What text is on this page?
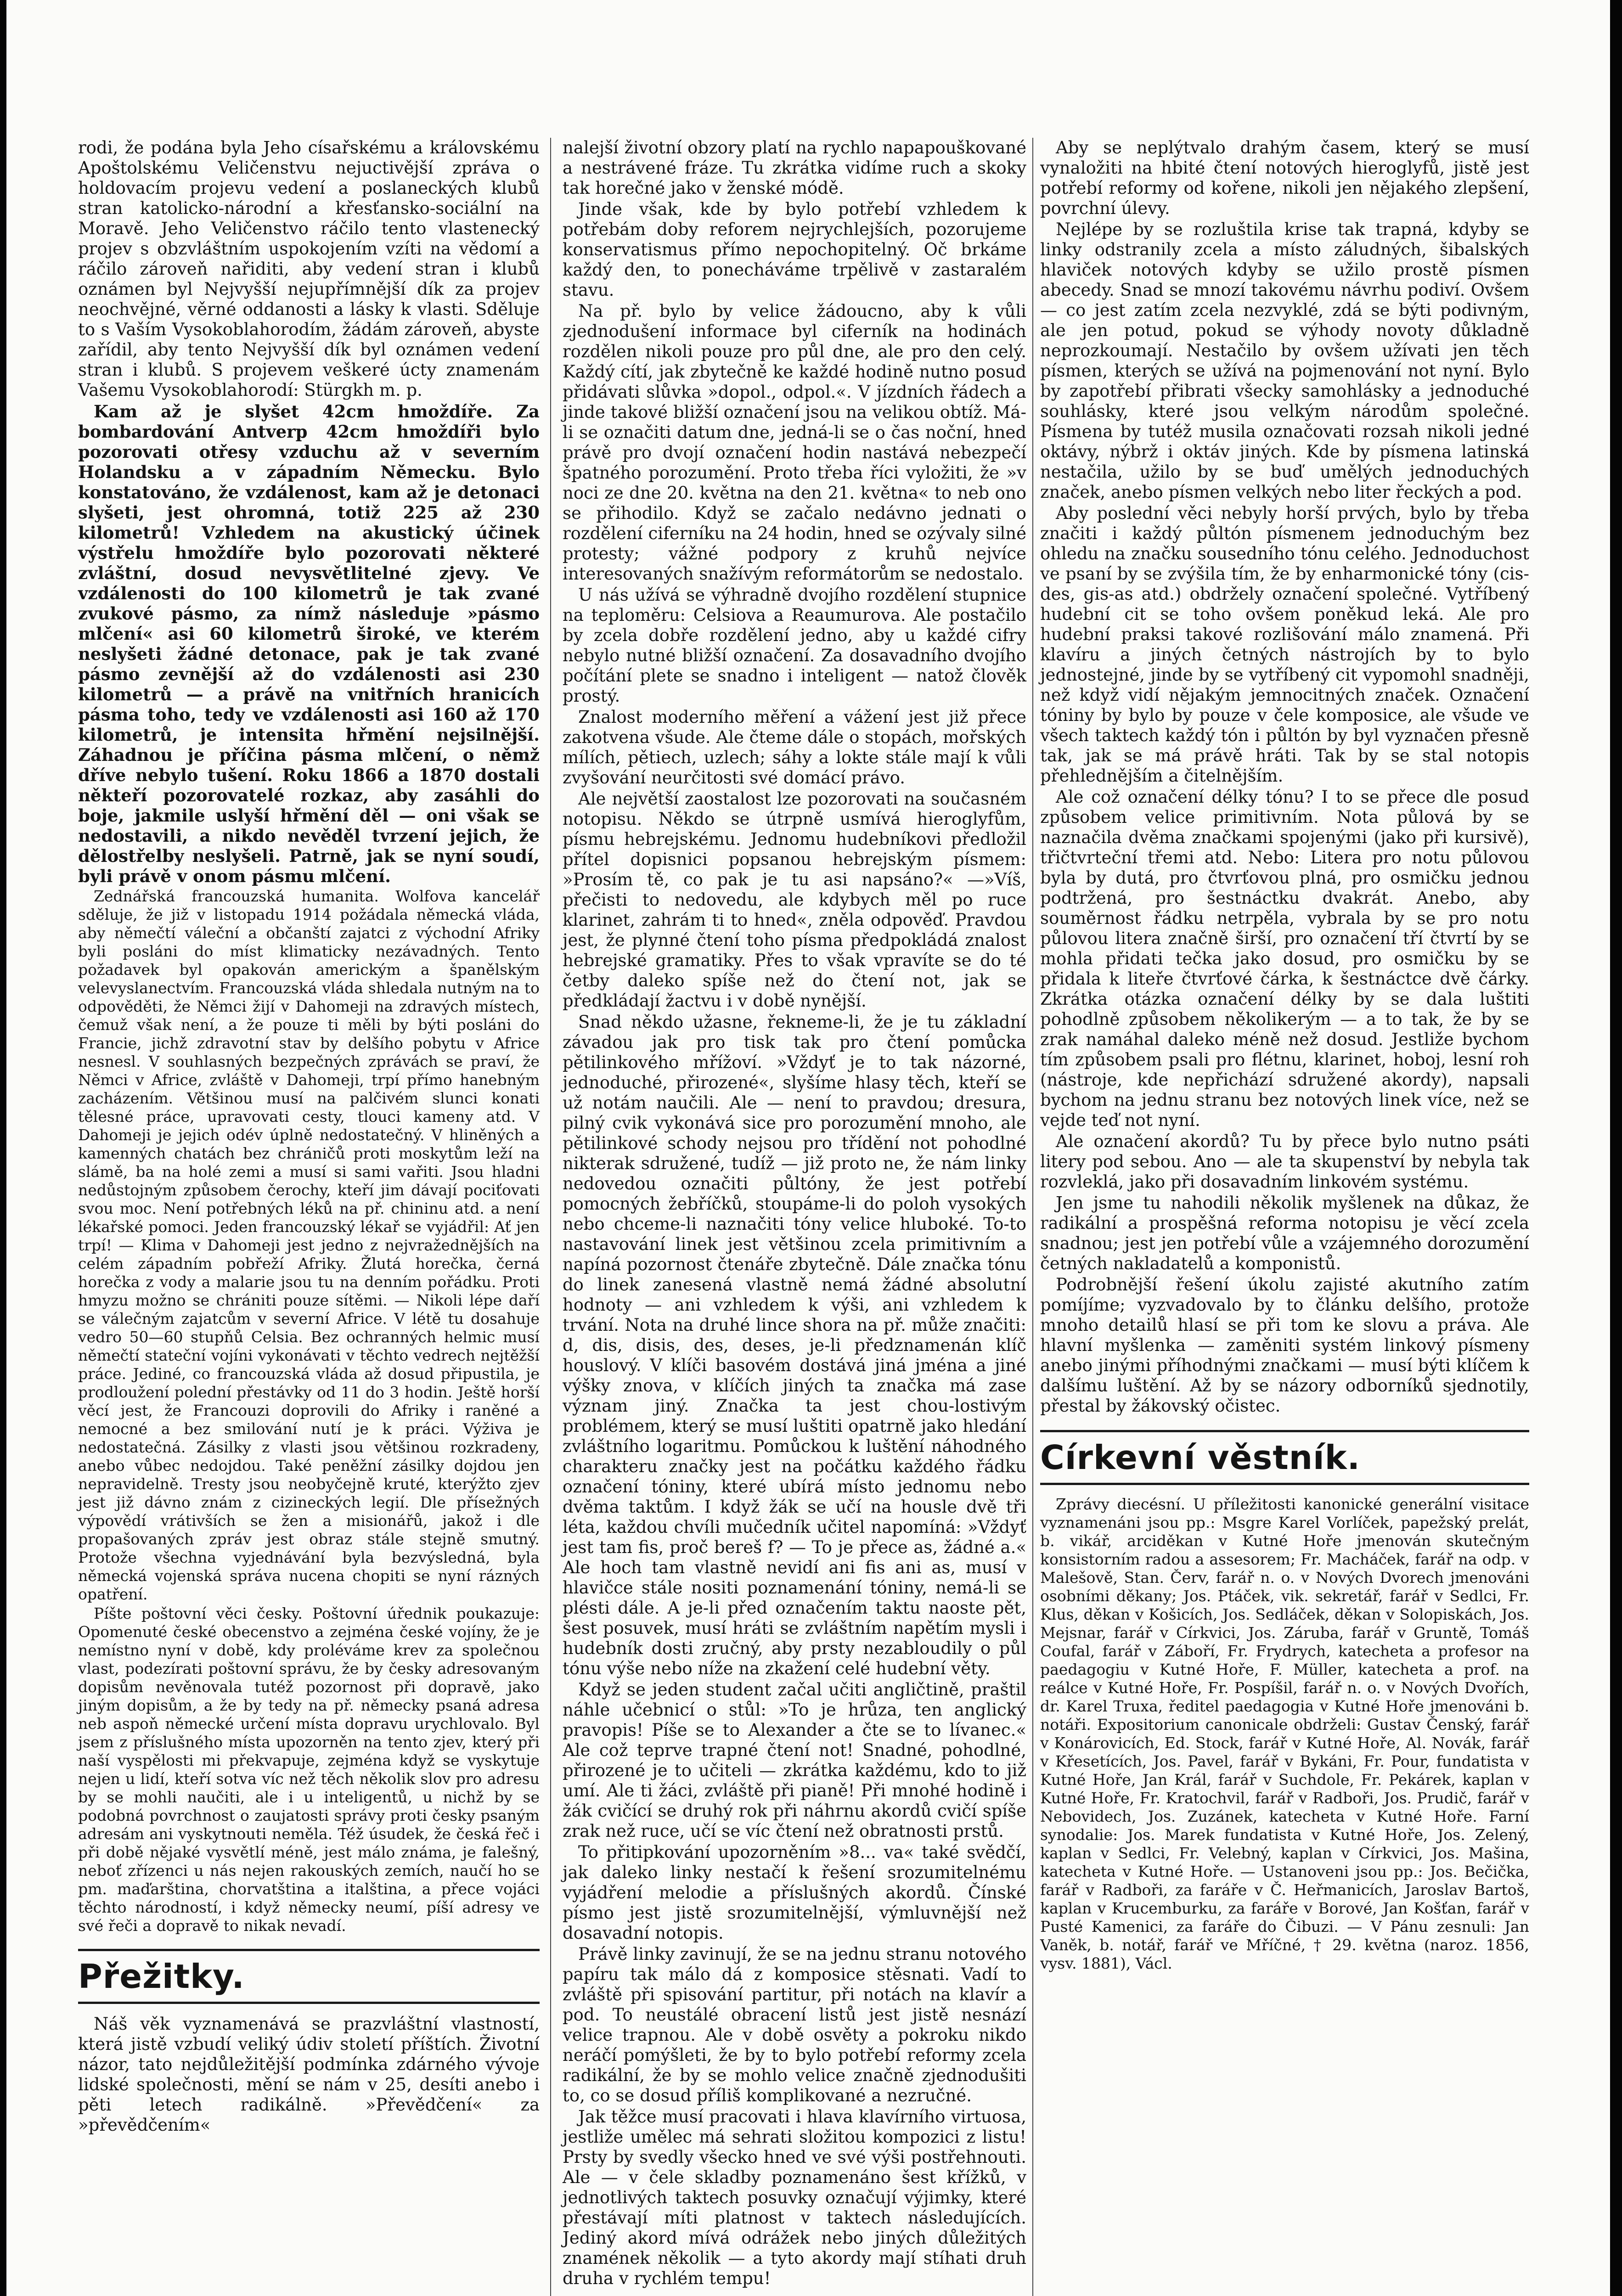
rodi, že podána byla Jeho císařskému a královskému Apoštolskému Veličenstvu nejuctivější zpráva o holdovacím projevu vedení a poslaneckých klubů stran katolicko-národní a křesťansko-sociální na Moravě. Jeho Veličenstvo ráčilo tento vlastenecký projev s obzvláštním uspokojením vzíti na vědomí a ráčilo zároveň nařiditi, aby vedení stran i klubů oznámen byl Nejvyšší nejupřímnější dík za projev neochvějné, věrné oddanosti a lásky k vlasti. Sděluje to s Vaším Vysokoblahorodím, žádám zároveň, abyste zařídil, aby tento Nejvyšší dík byl oznámen vedení stran i klubů. S projevem veškeré úcty znamenám Vašemu Vysokoblahorodí: Stürgkh m. p.

Kam až je slyšet 42cm hmoždíře. Za bombardování Antverp 42cm hmoždíři bylo pozorovati otřesy vzduchu až v severním Holandsku a v západním Německu. Bylo konstatováno, že vzdálenost, kam až je detonaci slyšeti, jest ohromná, totiž 225 až 230 kilometrů! Vzhledem na akustický účinek výstřelu hmoždíře bylo pozorovati některé zvláštní, dosud nevysvětlitelné zjevy. Ve vzdálenosti do 100 kilometrů je tak zvané zvukové pásmo, za nímž následuje »pásmo mlčení« asi 60 kilometrů široké, ve kterém neslyšeti žádné detonace, pak je tak zvané pásmo zevnější až do vzdálenosti asi 230 kilometrů — a právě na vnitřních hranicích pásma toho, tedy ve vzdálenosti asi 160 až 170 kilometrů, je intensita hřmění nejsilnější. Záhadnou je příčina pásma mlčení, o němž dříve nebylo tušení. Roku 1866 a 1870 dostali někteří pozorovatelé rozkaz, aby zasáhli do boje, jakmile uslyší hřmění děl — oni však se nedostavili, a nikdo nevěděl tvrzení jejich, že dělostřelby neslyšeli. Patrně, jak se nyní soudí, byli právě v onom pásmu mlčení.

Zednářská francouzská humanita. Wolfova kancelář sděluje, že již v listopadu 1914 požádala německá vláda, aby němečtí váleční a občanští zajatci z východní Afriky byli posláni do míst klimaticky nezávadných. Tento požadavek byl opakován americkým a španělským velevyslanectvím. Francouzská vláda shledala nutným na to odpověděti, že Němci žijí v Dahomeji na zdravých místech, čemuž však není, a že pouze ti měli by býti posláni do Francie, jichž zdravotní stav by delšího pobytu v Africe nesnesl. V souhlasných bezpečných zprávách se praví, že Němci v Africe, zvláště v Dahomeji, trpí přímo hanebným zacházením. Většinou musí na palčivém slunci konati tělesné práce, upravovati cesty, tlouci kameny atd. V Dahomeji je jejich odév úplně nedostatečný. V hliněných a kamenných chatách bez chráničů proti moskytům leží na slámě, ba na holé zemi a musí si sami vařiti. Jsou hladni nedůstojným způsobem čerochy, kteří jim dávají pociťovati svou moc. Není potřebných léků na př. chininu atd. a není lékařské pomoci. Jeden francouzský lékař se vyjádřil: Ať jen trpí! — Klima v Dahomeji jest jedno z nejvražednějších na celém západním pobřeží Afriky. Žlutá horečka, černá horečka z vody a malarie jsou tu na denním pořádku. Proti hmyzu možno se chrániti pouze sítěmi. — Nikoli lépe daří se válečným zajatcům v severní Africe. V létě tu dosahuje vedro 50—60 stupňů Celsia. Bez ochranných helmic musí němečtí stateční vojíni vykonávati v těchto vedrech nejtěžší práce. Jediné, co francouzská vláda až dosud připustila, je prodloužení polední přestávky od 11 do 3 hodin. Ještě horší věcí jest, že Francouzi doprovili do Afriky i raněné a nemocné a bez smilování nutí je k práci. Výživa je nedostatečná. Zásilky z vlasti jsou většinou rozkradeny, anebo vůbec nedojdou. Také peněžní zásilky dojdou jen nepravidelně. Tresty jsou neobyčejně kruté, kterýžto zjev jest již dávno znám z cizineckých legií. Dle přísežných výpovědí vrátivších se žen a misionářů, jakož i dle propašovaných zpráv jest obraz stále stejně smutný. Protože všechna vyjednávání byla bezvýsledná, byla německá vojenská správa nucena chopiti se nyní rázných opatření.

Píšte poštovní věci česky. Poštovní úřednik poukazuje: Opomenuté české obecenstvo a zejména české vojíny, že je nemístno nyní v době, kdy proléváme krev za společnou vlast, podezírati poštovní správu, že by česky adresovaným dopisům nevěnovala tutéž pozornost při dopravě, jako jiným dopisům, a že by tedy na př. německy psaná adresa neb aspoň německé určení místa dopravu urychlovalo. Byl jsem z příslušného místa upozorněn na tento zjev, který při naší vyspělosti mi překvapuje, zejména když se vyskytuje nejen u lidí, kteří sotva víc než těch několik slov pro adresu by se mohli naučiti, ale i u inteligentů, u nichž by se podobná povrchnost o zaujatosti správy proti česky psaným adresám ani vyskytnouti neměla. Též úsudek, že česká řeč i při době nějaké vysvětlí méně, jest málo známa, je falešný, neboť zřízenci u nás nejen rakouských zemích, naučí ho se pm. maďarština, chorvatština a italština, a přece vojáci těchto národností, i když německy neumí, píší adresy ve své řeči a dopravě to nikak nevadí.

Přežitky.

Náš věk vyznamenává se prazvláštní vlastností, která jistě vzbudí veliký údiv století příštích. Životní názor, tato nejdůležitější podmínka zdárného vývoje lidské společnosti, mění se nám v 25, desíti anebo i pěti letech radikálně. »Převědčení« za »převědčením«

nalejší životní obzory platí na rychlo napapouškované a nestrávené fráze. Tu zkrátka vidíme ruch a skoky tak horečné jako v ženské módě.

Jinde však, kde by bylo potřebí vzhledem k potřebám doby reforem nejrychlejších, pozorujeme konservatismus přímo nepochopitelný. Oč brkáme každý den, to ponecháváme trpělivě v zastaralém stavu.

Na př. bylo by velice žádoucno, aby k vůli zjednodušení informace byl ciferník na hodinách rozdělen nikoli pouze pro půl dne, ale pro den celý. Každý cítí, jak zbytečně ke každé hodině nutno posud přidávati slůvka »dopol., odpol.«. V jízdních řádech a jinde takové bližší označení jsou na velikou obtíž. Má-li se označiti datum dne, jedná-li se o čas noční, hned právě pro dvojí označení hodin nastává nebezpečí špatného porozumění. Proto třeba říci vyložiti, že »v noci ze dne 20. května na den 21. května« to neb ono se přihodilo. Když se začalo nedávno jednati o rozdělení ciferníku na 24 hodin, hned se ozývaly silné protesty; vážné podpory z kruhů nejvíce interesovaných snažívým reformátorům se nedostalo.

U nás užívá se výhradně dvojího rozdělení stupnice na teploměru: Celsiova a Reaumurova. Ale postačilo by zcela dobře rozdělení jedno, aby u každé cifry nebylo nutné bližší označení. Za dosavadního dvojího počítání plete se snadno i inteligent — natož člověk prostý.

Znalost moderního měření a vážení jest již přece zakotvena všude. Ale čteme dále o stopách, mořských mílích, pětiech, uzlech; sáhy a lokte stále mají k vůli zvyšování neurčitosti své domácí právo.

Ale největší zaostalost lze pozorovati na současném notopisu. Někdo se útrpně usmívá hieroglyfům, písmu hebrejskému. Jednomu hudebníkovi předložil přítel dopisnici popsanou hebrejským písmem: »Prosím tě, co pak je tu asi napsáno?« —»Víš, přečisti to nedovedu, ale kdybych měl po ruce klarinet, zahrám ti to hned«, zněla odpověď. Pravdou jest, že plynné čtení toho písma předpokládá znalost hebrejské gramatiky. Přes to však vpravíte se do té četby daleko spíše než do čtení not, jak se předkládají žactvu i v době nynější.

Snad někdo užasne, řekneme-li, že je tu základní závadou jak pro tisk tak pro čtení pomůcka pětilinkového mřížoví. »Vždyť je to tak názorné, jednoduché, přirozené«, slyšíme hlasy těch, kteří se už notám naučili. Ale — není to pravdou; dresura, pilný cvik vykonává sice pro porozumění mnoho, ale pětilinkové schody nejsou pro třídění not pohodlné nikterak sdružené, tudíž — již proto ne, že nám linky nedovedou označiti půltóny, že jest potřebí pomocných žebříčků, stoupáme-li do poloh vysokých nebo chceme-li naznačiti tóny velice hluboké. To-to nastavování linek jest většinou zcela primitivním a napíná pozornost čtenáře zbytečně. Dále značka tónu do linek zanesená vlastně nemá žádné absolutní hodnoty — ani vzhledem k výši, ani vzhledem k trvání. Nota na druhé lince shora na př. může značiti: d, dis, disis, des, deses, je-li předznamenán klíč houslový. V klíči basovém dostává jiná jména a jiné výšky znova, v klíčích jiných ta značka má zase význam jiný. Značka ta jest chou-lostivým problémem, který se musí luštiti opatrně jako hledání zvláštního logaritmu. Pomůckou k luštění náhodného charakteru značky jest na počátku každého řádku označení tóniny, které ubírá místo jednomu nebo dvěma taktům. I když žák se učí na housle dvě tři léta, každou chvíli mučedník učitel napomíná: »Vždyť jest tam fis, proč bereš f? — To je přece as, žádné a.« Ale hoch tam vlastně nevidí ani fis ani as, musí v hlavičce stále nositi poznamenání tóniny, nemá-li se plésti dále. A je-li před označením taktu naoste pět, šest posuvek, musí hráti se zvláštním napětím mysli i hudebník dosti zručný, aby prsty nezabloudily o půl tónu výše nebo níže na zkažení celé hudební věty.

Když se jeden student začal učiti angličtině, praštil náhle učebnicí o stůl: »To je hrůza, ten anglický pravopis! Píše se to Alexander a čte se to lívanec.« Ale což teprve trapné čtení not! Snadné, pohodlné, přirozené je to učiteli — zkrátka každému, kdo to již umí. Ale ti žáci, zvláště při pianě! Při mnohé hodině i žák cvičící se druhý rok při náhrnu akordů cvičí spíše zrak než ruce, učí se víc čtení než obratnosti prstů.

To přitipkování upozorněním »8... va« také svědčí, jak daleko linky nestačí k řešení srozumitelnému vyjádření melodie a příslušných akordů. Čínské písmo jest jistě srozumitelnější, výmluvnější než dosavadní notopis.

Právě linky zavinují, že se na jednu stranu notového papíru tak málo dá z komposice stěsnati. Vadí to zvláště při spisování partitur, při notách na klavír a pod. To neustálé obracení listů jest jistě nesnází velice trapnou. Ale v době osvěty a pokroku nikdo neráčí pomýšleti, že by to bylo potřebí reformy zcela radikální, že by se mohlo velice značně zjednodušiti to, co se dosud příliš komplikované a nezručné.

Jak těžce musí pracovati i hlava klavírního virtuosa, jestliže umělec má sehrati složitou kompozici z listu! Prsty by svedly všecko hned ve své výši postřehnouti. Ale — v čele skladby poznamenáno šest křížků, v jednotlivých taktech posuvky označují výjimky, které přestávají míti platnost v taktech následujících. Jediný akord mívá odrážek nebo jiných důležitých znamének několik — a tyto akordy mají stíhati druh druha v rychlém tempu!

Aby se neplýtvalo drahým časem, který se musí vynaložiti na hbité čtení notových hieroglyfů, jistě jest potřebí reformy od kořene, nikoli jen nějakého zlepšení, povrchní úlevy.

Nejlépe by se rozluštila krise tak trapná, kdyby se linky odstranily zcela a místo záludných, šibalských hlaviček notových kdyby se užilo prostě písmen abecedy. Snad se mnozí takovému návrhu podiví. Ovšem — co jest zatím zcela nezvyklé, zdá se býti podivným, ale jen potud, pokud se výhody novoty důkladně neprozkoumají. Nestačilo by ovšem užívati jen těch písmen, kterých se užívá na pojmenování not nyní. Bylo by zapotřebí přibrati všecky samohlásky a jednoduché souhlásky, které jsou velkým národům společné. Písmena by tutéž musila označovati rozsah nikoli jedné oktávy, nýbrž i oktáv jiných. Kde by písmena latinská nestačila, užilo by se buď umělých jednoduchých značek, anebo písmen velkých nebo liter řeckých a pod.

Aby poslední věci nebyly horší prvých, bylo by třeba značiti i každý půltón písmenem jednoduchým bez ohledu na značku sousedního tónu celého. Jednoduchost ve psaní by se zvýšila tím, že by enharmonické tóny (cis-des, gis-as atd.) obdržely označení společné. Vytříbený hudební cit se toho ovšem poněkud leká. Ale pro hudební praksi takové rozlišování málo znamená. Při klavíru a jiných četných nástrojích by to bylo jednostejné, jinde by se vytříbený cit vypomohl snadněji, než když vidí nějakým jemnocitných značek. Označení tóniny by bylo by pouze v čele komposice, ale všude ve všech taktech každý tón i půltón by byl vyznačen přesně tak, jak se má právě hráti. Tak by se stal notopis přehlednějším a čitelnějším.

Ale což označení délky tónu? I to se přece dle posud způsobem velice primitivním. Nota půlová by se naznačila dvěma značkami spojenými (jako při kursivě), třičtvrteční třemi atd. Nebo: Litera pro notu půlovou byla by dutá, pro čtvrťovou plná, pro osmičku jednou podtržená, pro šestnáctku dvakrát. Anebo, aby souměrnost řádku netrpěla, vybrala by se pro notu půlovou litera značně širší, pro označení tří čtvrtí by se mohla přidati tečka jako dosud, pro osmičku by se přidala k liteře čtvrťové čárka, k šestnáctce dvě čárky. Zkrátka otázka označení délky by se dala luštiti pohodlně způsobem několikerým — a to tak, že by se zrak namáhal daleko méně než dosud. Jestliže bychom tím způsobem psali pro flétnu, klarinet, hoboj, lesní roh (nástroje, kde nepřichází sdružené akordy), napsali bychom na jednu stranu bez notových linek více, než se vejde teď not nyní.

Ale označení akordů? Tu by přece bylo nutno psáti litery pod sebou. Ano — ale ta skupenství by nebyla tak rozvleklá, jako při dosavadním linkovém systému.

Jen jsme tu nahodili několik myšlenek na důkaz, že radikální a prospěšná reforma notopisu je věcí zcela snadnou; jest jen potřebí vůle a vzájemného dorozumění četných nakladatelů a komponistů.

Podrobnější řešení úkolu zajisté akutního zatím pomíjíme; vyzvadovalo by to článku delšího, protože mnoho detailů hlasí se při tom ke slovu a práva. Ale hlavní myšlenka — zaměniti systém linkový písmeny anebo jinými příhodnými značkami — musí býti klíčem k dalšímu luštění. Až by se názory odborníků sjednotily, přestal by žákovský očistec.

Církevní věstník.

Zprávy diecésní. U příležitosti kanonické generální visitace vyznamenáni jsou pp.: Msgre Karel Vorlíček, papežský prelát, b. vikář, arciděkan v Kutné Hoře jmenován skutečným konsistorním radou a assesorem; Fr. Macháček, farář na odp. v Malešově, Stan. Červ, farář n. o. v Nových Dvorech jmenováni osobními děkany; Jos. Ptáček, vik. sekretář, farář v Sedlci, Fr. Klus, děkan v Košicích, Jos. Sedláček, děkan v Solopiskách, Jos. Mejsnar, farář v Církvici, Jos. Záruba, farář v Gruntě, Tomáš Coufal, farář v Záboří, Fr. Frydrych, katecheta a profesor na paedagogiu v Kutné Hoře, F. Müller, katecheta a prof. na reálce v Kutné Hoře, Fr. Pospíšil, farář n. o. v Nových Dvořích, dr. Karel Truxa, ředitel paedagogia v Kutné Hoře jmenováni b. notáři. Expositorium canonicale obdrželi: Gustav Čenský, farář v Konárovicích, Ed. Stock, farář v Kutné Hoře, Al. Novák, farář v Křesetících, Jos. Pavel, farář v Bykáni, Fr. Pour, fundatista v Kutné Hoře, Jan Král, farář v Suchdole, Fr. Pekárek, kaplan v Kutné Hoře, Fr. Kratochvil, farář v Radboři, Jos. Prudič, farář v Nebovidech, Jos. Zuzánek, katecheta v Kutné Hoře. Farní synodalie: Jos. Marek fundatista v Kutné Hoře, Jos. Zelený, kaplan v Sedlci, Fr. Velebný, kaplan v Církvici, Jos. Mašina, katecheta v Kutné Hoře. — Ustanoveni jsou pp.: Jos. Bečička, farář v Radboři, za faráře v Č. Heřmanicích, Jaroslav Bartoš, kaplan v Krucemburku, za faráře v Borové, Jan Košťan, farář v Pusté Kamenici, za faráře do Čibuzi. — V Pánu zesnuli: Jan Vaněk, b. notář, farář ve Mříčné, † 29. května (naroz. 1856, vysv. 1881), Václ.
